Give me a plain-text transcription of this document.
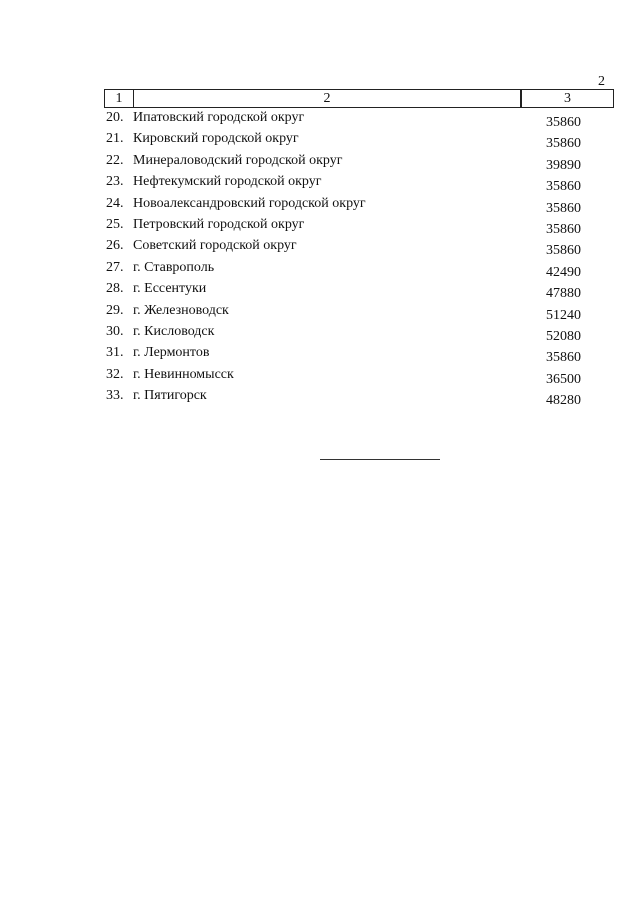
2
1	2	3
20. Ипатовский городской округ	35860
21. Кировский городской округ	35860
22. Минераловодский городской округ	39890
23. Нефтекумский городской округ	35860
24. Новоалександровский городской округ	35860
25. Петровский городской округ	35860
26. Советский городской округ	35860
27. г. Ставрополь	42490
28. г. Ессентуки	47880
29. г. Железноводск	51240
30. г. Кисловодск	52080
31. г. Лермонтов	35860
32. г. Невинномысск	36500
33. г. Пятигорск	48280
